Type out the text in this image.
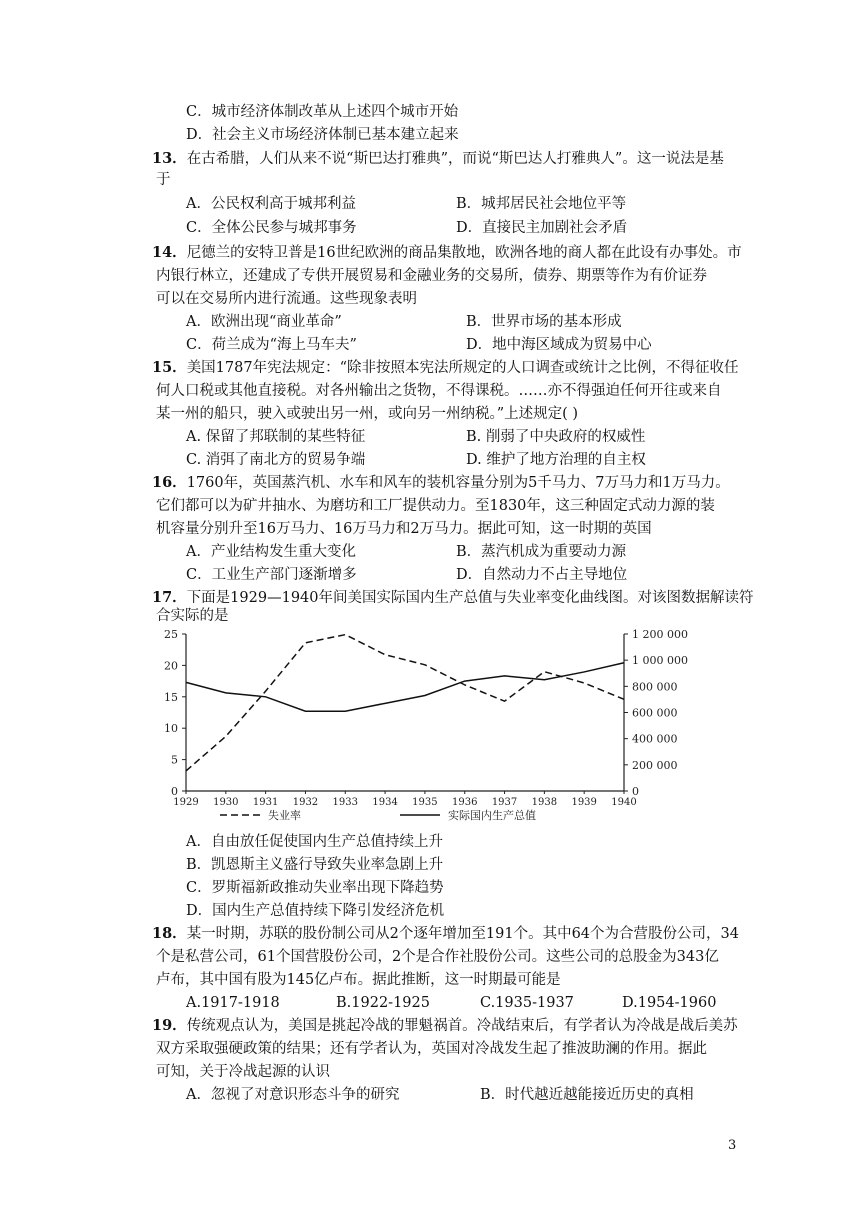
C．城市经济体制改革从上述四个城市开始
D．社会主义市场经济体制已基本建立起来
13．在古希腊，人们从来不说“斯巴达打雅典”，而说“斯巴达人打雅典人”。这一说法是基
于
A．公民权利高于城邦利益	B．城邦居民社会地位平等
C．全体公民参与城邦事务	D．直接民主加剧社会矛盾
14．尼德兰的安特卫普是16世纪欧洲的商品集散地，欧洲各地的商人都在此设有办事处。市
内银行林立，还建成了专供开展贸易和金融业务的交易所，债券、期票等作为有价证券
可以在交易所内进行流通。这些现象表明
A．欧洲出现“商业革命”	B．世界市场的基本形成
C．荷兰成为“海上马车夫”	D．地中海区域成为贸易中心
15．美国1787年宪法规定：“除非按照本宪法所规定的人口调查或统计之比例，不得征收任
何人口税或其他直接税。对各州输出之货物，不得课税。……亦不得强迫任何开往或来自
某一州的船只，驶入或驶出另一州，或向另一州纳税。”上述规定( )
A. 保留了邦联制的某些特征	B. 削弱了中央政府的权威性
C. 消弭了南北方的贸易争端	D. 维护了地方治理的自主权
16．1760年，英国蒸汽机、水车和风车的装机容量分别为5千马力、7万马力和1万马力。
它们都可以为矿井抽水、为磨坊和工厂提供动力。至1830年，这三种固定式动力源的装
机容量分别升至16万马力、16万马力和2万马力。据此可知，这一时期的英国
A．产业结构发生重大变化	B．蒸汽机成为重要动力源
C．工业生产部门逐渐增多	D．自然动力不占主导地位
17．下面是1929—1940年间美国实际国内生产总值与失业率变化曲线图。对该图数据解读符
合实际的是
0
5
10
15
20
25
0
200 000
400 000
600 000
800 000
1 000 000
1 200 000
1929 1930 1931 1932 1933 1934 1935 1936 1937 1938 1939 1940
失业率	实际国内生产总值
A．自由放任促使国内生产总值持续上升
B．凯恩斯主义盛行导致失业率急剧上升
C．罗斯福新政推动失业率出现下降趋势
D．国内生产总值持续下降引发经济危机
18．某一时期，苏联的股份制公司从2个逐年增加至191个。其中64个为合营股份公司，34
个是私营公司，61个国营股份公司，2个是合作社股份公司。这些公司的总股金为343亿
卢布，其中国有股为145亿卢布。据此推断，这一时期最可能是
A.1917-1918	B.1922-1925	C.1935-1937	D.1954-1960
19．传统观点认为，美国是挑起冷战的罪魁祸首。冷战结束后，有学者认为冷战是战后美苏
双方采取强硬政策的结果；还有学者认为，英国对冷战发生起了推波助澜的作用。据此
可知，关于冷战起源的认识
A．忽视了对意识形态斗争的研究	B．时代越近越能接近历史的真相
3
